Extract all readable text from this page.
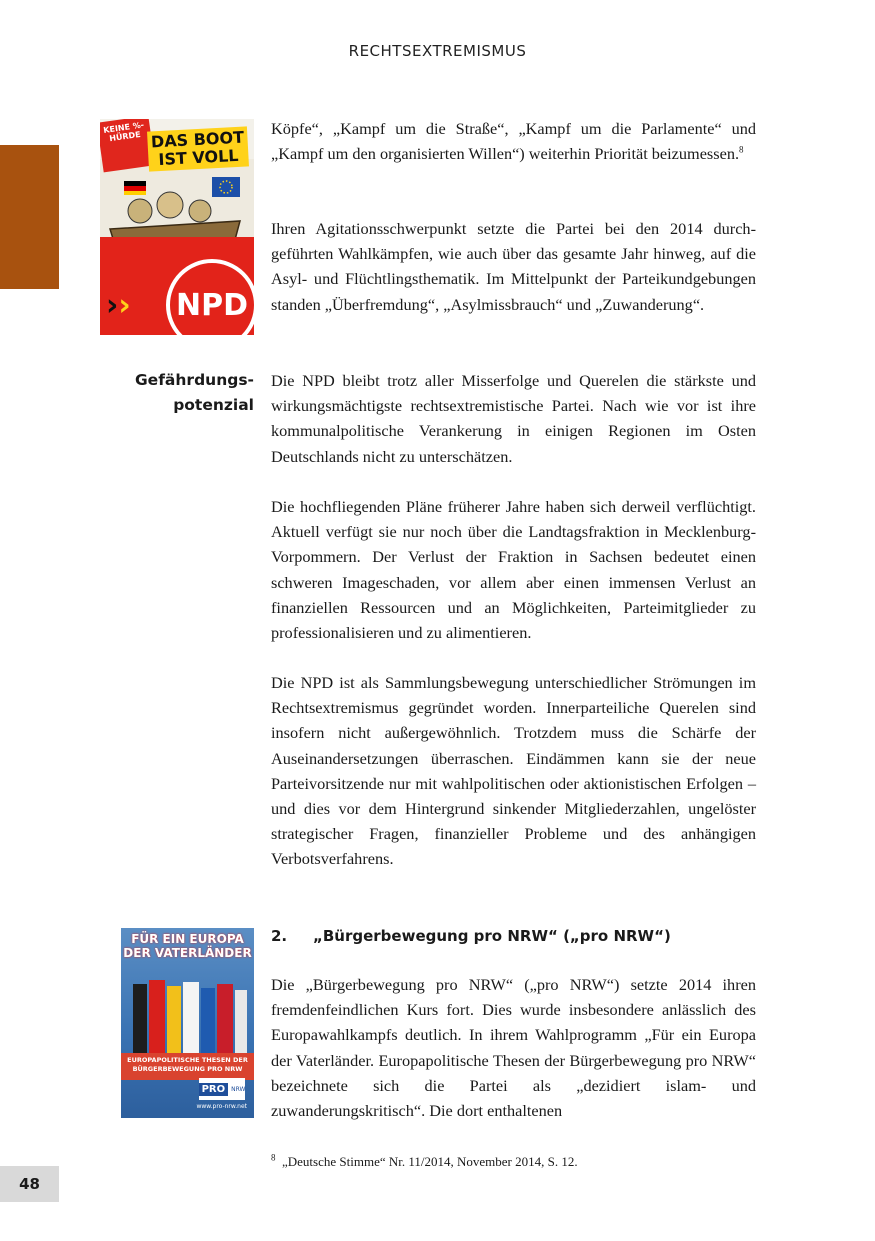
RECHTSEXTREMISMUS
KEINE %-HÜRDE DAS BOOT IST VOLL
››	NPD

Köpfe“, „Kampf um die Straße“, „Kampf um die Parlamente“ und „Kampf um den organisierten Willen“) weiterhin Priorität beizumessen.$^8$

Ihren Agitationsschwerpunkt setzte die Partei bei den 2014 durchgeführten Wahlkämpfen, wie auch über das gesamte Jahr hinweg, auf die Asyl- und Flüchtlingsthematik. Im Mittelpunkt der Parteikundgebungen standen „Überfremdung“, „Asylmissbrauch“ und „Zuwanderung“.

Gefährdungs-
potenzial

Die NPD bleibt trotz aller Misserfolge und Querelen die stärkste und wirkungsmächtigste rechtsextremistische Partei. Nach wie vor ist ihre kommunalpolitische Verankerung in einigen Regionen im Osten Deutschlands nicht zu unterschätzen.

Die hochfliegenden Pläne früherer Jahre haben sich derweil verflüchtigt. Aktuell verfügt sie nur noch über die Landtagsfraktion in Mecklenburg-Vorpommern. Der Verlust der Fraktion in Sachsen bedeutet einen schweren Imageschaden, vor allem aber einen immensen Verlust an finanziellen Ressourcen und an Möglichkeiten, Parteimitglieder zu professionalisieren und zu alimentieren.

Die NPD ist als Sammlungsbewegung unterschiedlicher Strömungen im Rechtsextremismus gegründet worden. Innerparteiliche Querelen sind insofern nicht außergewöhnlich. Trotzdem muss die Schärfe der Auseinandersetzungen überraschen. Eindämmen kann sie der neue Parteivorsitzende nur mit wahlpolitischen oder aktionistischen Erfolgen – und dies vor dem Hintergrund sinkender Mitgliederzahlen, ungelöster strategischer Fragen, finanzieller Probleme und des anhängigen Verbotsverfahrens.

2. „Bürgerbewegung pro NRW“ („pro NRW“)
FÜR EIN EUROPA DER VATERLÄNDER
EUROPAPOLITISCHE THESEN DER BÜRGERBEWEGUNG PRO NRW
PRO	NRW
www.pro-nrw.net

Die „Bürgerbewegung pro NRW“ („pro NRW“) setzte 2014 ihren fremdenfeindlichen Kurs fort. Dies wurde insbesondere anlässlich des Europawahlkampfs deutlich. In ihrem Wahlprogramm „Für ein Europa der Vaterländer. Europapolitische Thesen der Bürgerbewegung pro NRW“ bezeichnete sich die Partei als „dezidiert islam- und zuwanderungskritisch“. Die dort enthaltenen

$^8$ „Deutsche Stimme“ Nr. 11/2014, November 2014, S. 12.
48
